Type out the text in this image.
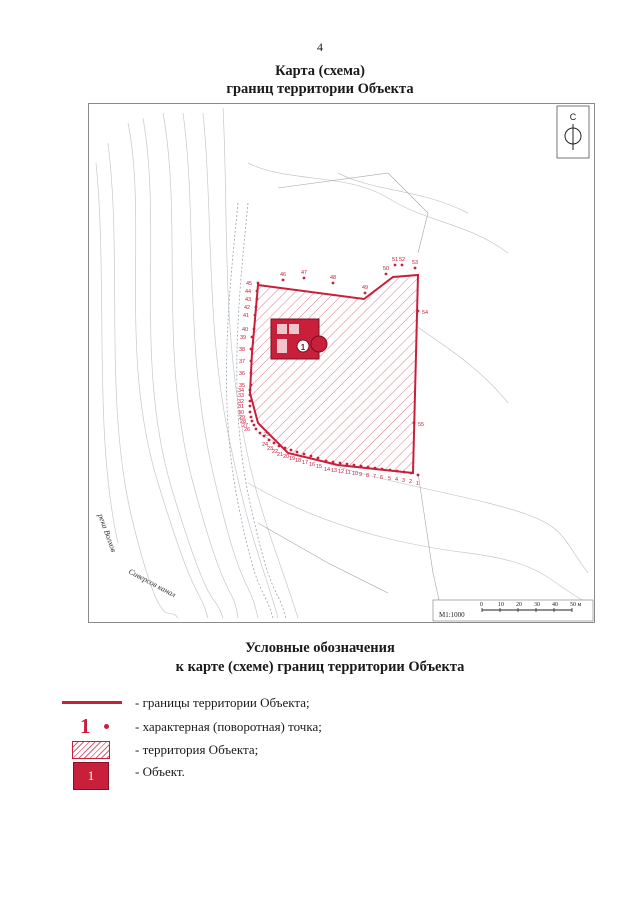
4
Карта (схема)
границ территории Объекта
1
1
2
3
4
5
6
7
8
9
10
11
12
13
14
15
16
17
18
19
20
21
22
23
24
25
26
27
28
29
30
31
32
33
34
35
36
37
38
39
40
41
42
43
44
45
46	47
48
49
50
51 52 53
54
55
С
река Волхов
Сиверсов канал
М1:1000
0	10 20 30 40 50 м
Условные обозначения
к карте (схеме) границ территории Объекта
- границы территории Объекта;
1	- характерная (поворотная) точка;
- территория Объекта;
1	- Объект.
